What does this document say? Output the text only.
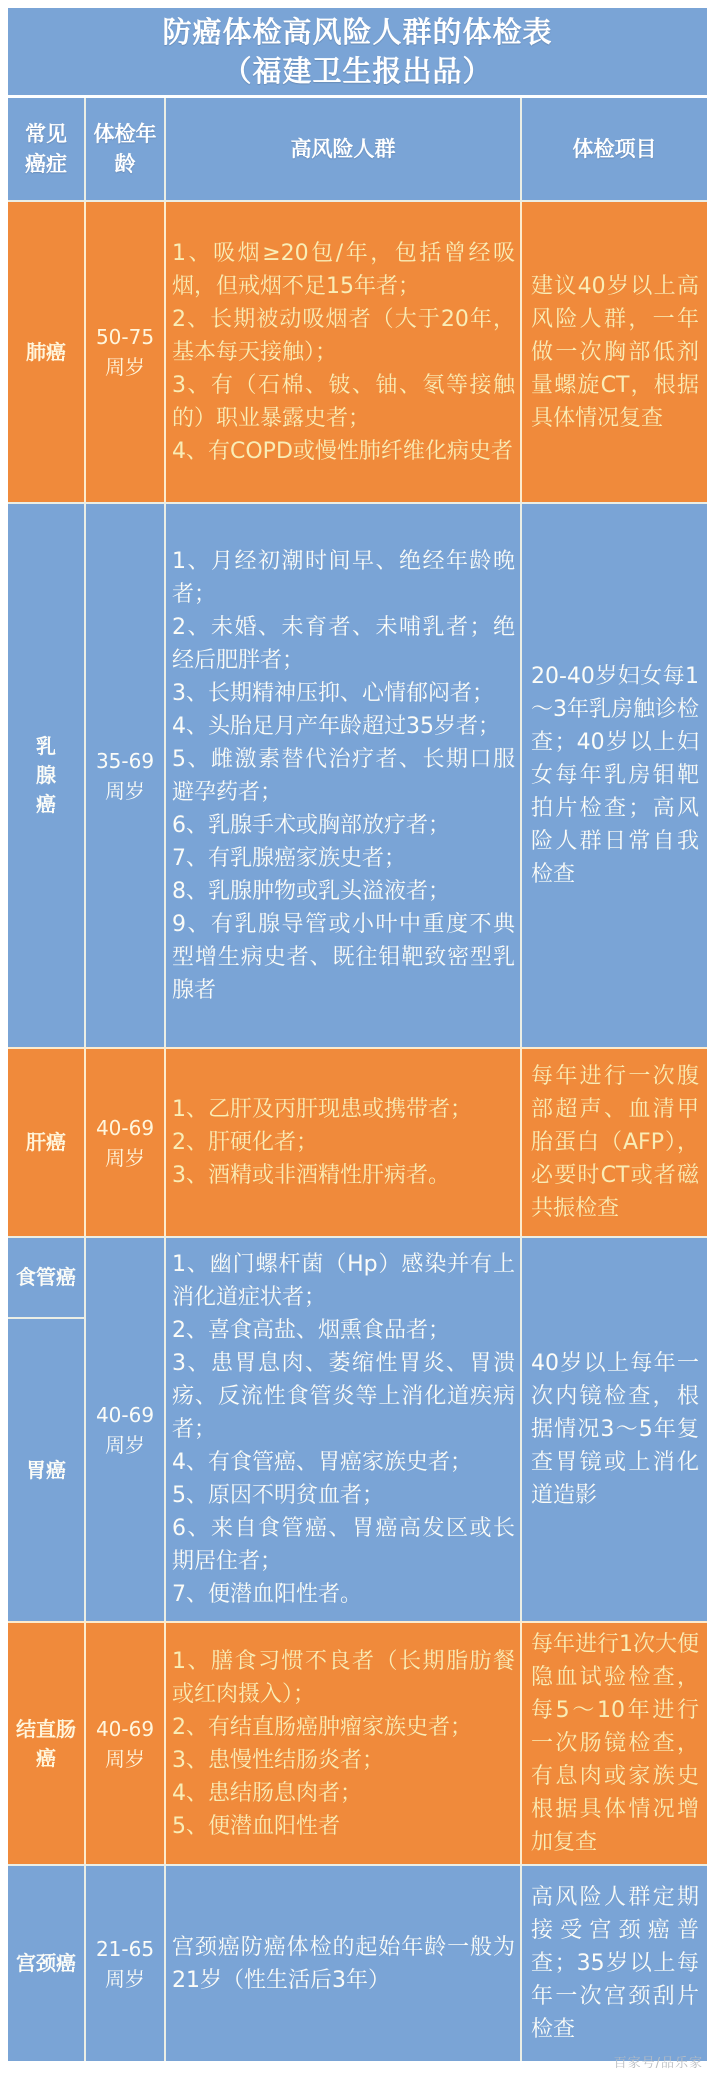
防癌体检高风险人群的体检表
（福建卫生报出品）
常见癌症
体检年龄
高风险人群	体检项目
肺癌
50-75周岁
1、吸烟≥20包/年，包括曾经吸烟，但戒烟不足15年者；
2、长期被动吸烟者（大于20年，基本每天接触）；
3、有（石棉、铍、铀、氡等接触的）职业暴露史者；
4、有COPD或慢性肺纤维化病史者
建议40岁以上高风险人群，一年做一次胸部低剂量螺旋CT，根据具体情况复查
乳腺癌
35-69周岁
1、月经初潮时间早、绝经年龄晚者；
2、未婚、未育者、未哺乳者；绝经后肥胖者；
3、长期精神压抑、心情郁闷者；
4、头胎足月产年龄超过35岁者；
5、雌激素替代治疗者、长期口服避孕药者；
6、乳腺手术或胸部放疗者；
7、有乳腺癌家族史者；
8、乳腺肿物或乳头溢液者；
9、有乳腺导管或小叶中重度不典型增生病史者、既往钼靶致密型乳腺者
20-40岁妇女每1～3年乳房触诊检查；40岁以上妇女每年乳房钼靶拍片检查；高风险人群日常自我检查
肝癌
40-69周岁
1、乙肝及丙肝现患或携带者；
2、肝硬化者；
3、酒精或非酒精性肝病者。
每年进行一次腹部超声、血清甲胎蛋白（AFP），必要时CT或者磁共振检查
食管癌
胃癌
40-69周岁
1、幽门螺杆菌（Hp）感染并有上消化道症状者；
2、喜食高盐、烟熏食品者；
3、患胃息肉、萎缩性胃炎、胃溃疡、反流性食管炎等上消化道疾病者；
4、有食管癌、胃癌家族史者；
5、原因不明贫血者；
6、来自食管癌、胃癌高发区或长期居住者；
7、便潜血阳性者。
40岁以上每年一次内镜检查，根据情况3～5年复查胃镜或上消化道造影
结直肠癌
40-69周岁
1、膳食习惯不良者（长期脂肪餐或红肉摄入）；
2、有结直肠癌肿瘤家族史者；
3、患慢性结肠炎者；
4、患结肠息肉者；
5、便潜血阳性者
每年进行1次大便隐血试验检查，每5～10年进行一次肠镜检查，有息肉或家族史根据具体情况增加复查
宫颈癌
21-65周岁
宫颈癌防癌体检的起始年龄一般为21岁（性生活后3年）
高风险人群定期接受宫颈癌普查；35岁以上每年一次宫颈刮片检查
百家号/品乐家
